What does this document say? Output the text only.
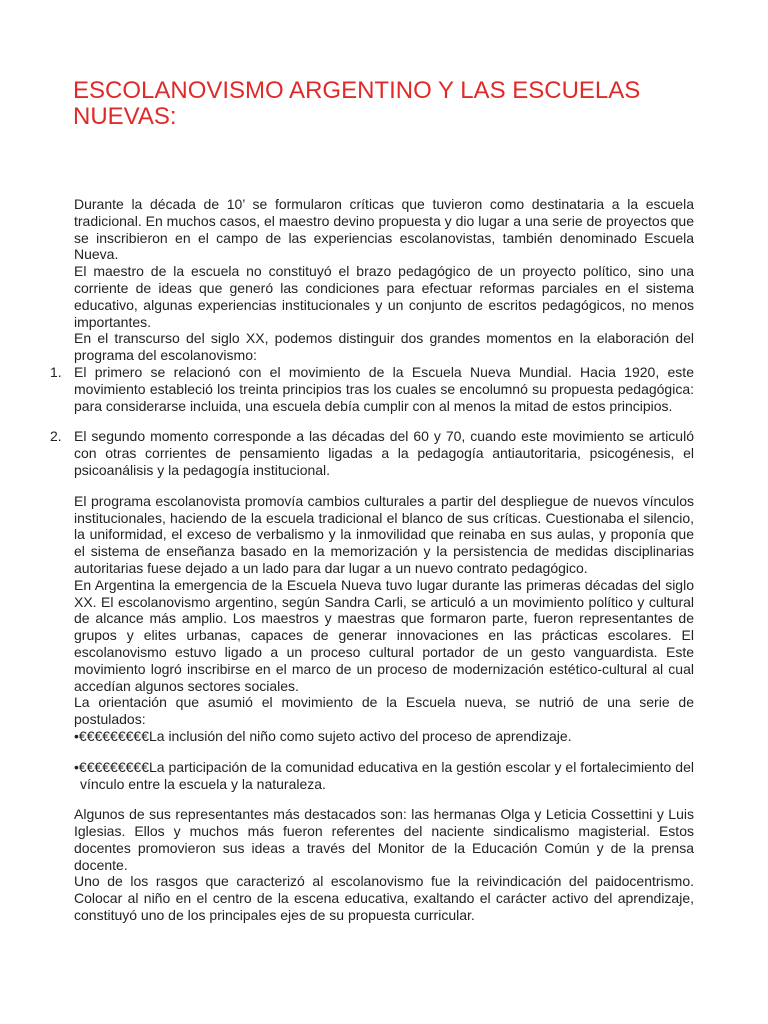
ESCOLANOVISMO ARGENTINO Y LAS ESCUELAS NUEVAS:

Durante la década de 10’ se formularon críticas que tuvieron como destinataria a la escuela tradicional. En muchos casos, el maestro devino propuesta y dio lugar a una serie de proyectos que se inscribieron en el campo de las experiencias escolanovistas, también denominado Escuela Nueva.

El maestro de la escuela no constituyó el brazo pedagógico de un proyecto político, sino una corriente de ideas que generó las condiciones para efectuar reformas parciales en el sistema educativo, algunas experiencias institucionales y un conjunto de escritos pedagógicos, no menos importantes.

En el transcurso del siglo XX, podemos distinguir dos grandes momentos en la elaboración del programa del escolanovismo:

1. El primero se relacionó con el movimiento de la Escuela Nueva Mundial. Hacia 1920, este movimiento estableció los treinta principios tras los cuales se encolumnó su propuesta pedagógica: para considerarse incluida, una escuela debía cumplir con al menos la mitad de estos principios.
2. El segundo momento corresponde a las décadas del 60 y 70, cuando este movimiento se articuló con otras corrientes de pensamiento ligadas a la pedagogía antiautoritaria, psicogénesis, el psicoanálisis y la pedagogía institucional.

El programa escolanovista promovía cambios culturales a partir del despliegue de nuevos vínculos institucionales, haciendo de la escuela tradicional el blanco de sus críticas. Cuestionaba el silencio, la uniformidad, el exceso de verbalismo y la inmovilidad que reinaba en sus aulas, y proponía que el sistema de enseñanza basado en la memorización y la persistencia de medidas disciplinarias autoritarias fuese dejado a un lado para dar lugar a un nuevo contrato pedagógico.

En Argentina la emergencia de la Escuela Nueva tuvo lugar durante las primeras décadas del siglo XX. El escolanovismo argentino, según Sandra Carli, se articuló a un movimiento político y cultural de alcance más amplio. Los maestros y maestras que formaron parte, fueron representantes de grupos y elites urbanas, capaces de generar innovaciones en las prácticas escolares. El escolanovismo estuvo ligado a un proceso cultural portador de un gesto vanguardista. Este movimiento logró inscribirse en el marco de un proceso de modernización estético-cultural al cual accedían algunos sectores sociales.

La orientación que asumió el movimiento de la Escuela nueva, se nutrió de una serie de postulados:

•€€€€€€€€€La inclusión del niño como sujeto activo del proceso de aprendizaje.
•€€€€€€€€€La participación de la comunidad educativa en la gestión escolar y el fortalecimiento del vínculo entre la escuela y la naturaleza.

Algunos de sus representantes más destacados son: las hermanas Olga y Leticia Cossettini y Luis Iglesias. Ellos y muchos más fueron referentes del naciente sindicalismo magisterial. Estos docentes promovieron sus ideas a través del Monitor de la Educación Común y de la prensa docente.

Uno de los rasgos que caracterizó al escolanovismo fue la reivindicación del paidocentrismo. Colocar al niño en el centro de la escena educativa, exaltando el carácter activo del aprendizaje, constituyó uno de los principales ejes de su propuesta curricular.
